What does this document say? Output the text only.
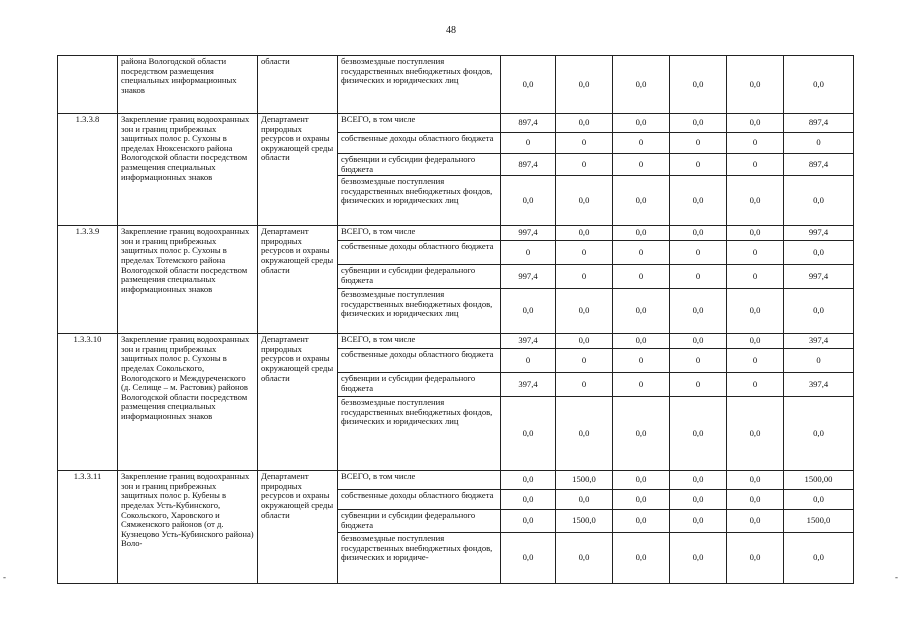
48
	района Вологодской области посредством размещения специальных информационных знаков	области	безвозмездные поступления государственных внебюджетных фондов, физических и юридических лиц	0,0	0,0	0,0	0,0	0,0	0,0
1.3.3.8	Закрепление границ водоохранных зон и границ прибрежных защитных полос р. Сухоны в пределах Нюксенского района Вологодской области посредством размещения специальных информационных знаков	Департамент природных ресурсов и охраны окружающей среды области	ВСЕГО, в том числе	897,4	0,0	0,0	0,0	0,0	897,4
			собственные доходы областного бюджета	0	0	0	0	0	0
			субвенции и субсидии федерального бюджета	897,4	0	0	0	0	897,4
			безвозмездные поступления государственных внебюджетных фондов, физических и юридических лиц	0,0	0,0	0,0	0,0	0,0	0,0
1.3.3.9	Закрепление границ водоохранных зон и границ прибрежных защитных полос р. Сухоны в пределах Тотемского района Вологодской области посредством размещения специальных информационных знаков	Департамент природных ресурсов и охраны окружающей среды области	ВСЕГО, в том числе	997,4	0,0	0,0	0,0	0,0	997,4
			собственные доходы областного бюджета	0	0	0	0	0	0,0
			субвенции и субсидии федерального бюджета	997,4	0	0	0	0	997,4
			безвозмездные поступления государственных внебюджетных фондов, физических и юридических лиц	0,0	0,0	0,0	0,0	0,0	0,0
1.3.3.10	Закрепление границ водоохранных зон и границ прибрежных защитных полос р. Сухоны в пределах Сокольского, Вологодского и Междуреченского (д. Селище – м. Растовик) районов Вологодской области посредством размещения специальных информационных знаков	Департамент природных ресурсов и охраны окружающей среды области	ВСЕГО, в том числе	397,4	0,0	0,0	0,0	0,0	397,4
			собственные доходы областного бюджета	0	0	0	0	0	0
			субвенции и субсидии федерального бюджета	397,4	0	0	0	0	397,4
			безвозмездные поступления государственных внебюджетных фондов, физических и юридических лиц	0,0	0,0	0,0	0,0	0,0	0,0
1.3.3.11	Закрепление границ водоохранных зон и границ прибрежных защитных полос р. Кубены в пределах Усть-Кубинского, Сокольского, Харовского и Сямженского районов (от д. Кузнецово Усть-Кубинского района) Воло-	Департамент природных ресурсов и охраны окружающей среды области	ВСЕГО, в том числе	0,0	1500,0	0,0	0,0	0,0	1500,00
			собственные доходы областного бюджета	0,0	0,0	0,0	0,0	0,0	0,0
			субвенции и субсидии федерального бюджета	0,0	1500,0	0,0	0,0	0,0	1500,0
			безвозмездные поступления государственных внебюджетных фондов, физических и юридиче-	0,0	0,0	0,0	0,0	0,0	0,0
-	-
